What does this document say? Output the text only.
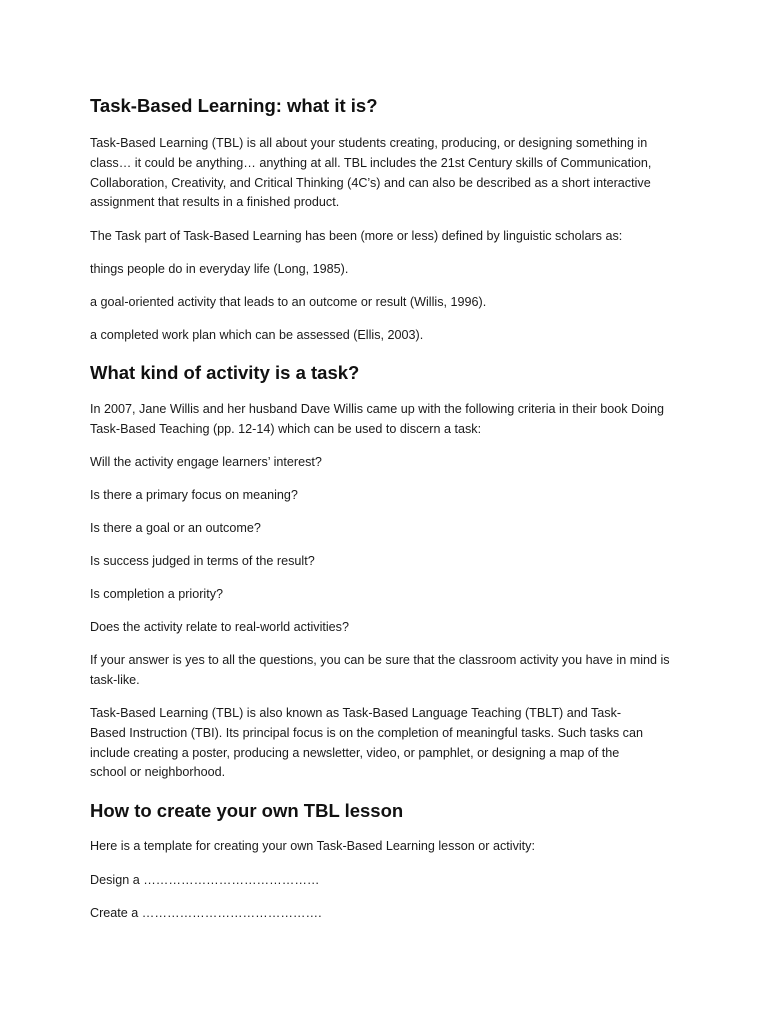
Task-Based Learning: what it is?

Task-Based Learning (TBL) is all about your students creating, producing, or designing something in class… it could be anything… anything at all. TBL includes the 21st Century skills of Communication, Collaboration, Creativity, and Critical Thinking (4C’s) and can also be described as a short interactive assignment that results in a finished product.

The Task part of Task-Based Learning has been (more or less) defined by linguistic scholars as:

things people do in everyday life (Long, 1985).

a goal-oriented activity that leads to an outcome or result (Willis, 1996).

a completed work plan which can be assessed (Ellis, 2003).

What kind of activity is a task?

In 2007, Jane Willis and her husband Dave Willis came up with the following criteria in their book Doing Task-Based Teaching (pp. 12-14) which can be used to discern a task:

Will the activity engage learners’ interest?

Is there a primary focus on meaning?

Is there a goal or an outcome?

Is success judged in terms of the result?

Is completion a priority?

Does the activity relate to real-world activities?

If your answer is yes to all the questions, you can be sure that the classroom activity you have in mind is task-like.

Task-Based Learning (TBL) is also known as Task-Based Language Teaching (TBLT) and Task-Based Instruction (TBI). Its principal focus is on the completion of meaningful tasks. Such tasks can include creating a poster, producing a newsletter, video, or pamphlet, or designing a map of the school or neighborhood.

How to create your own TBL lesson

Here is a template for creating your own Task-Based Learning lesson or activity:

Design a ……………………………………

Create a …………………………………….
